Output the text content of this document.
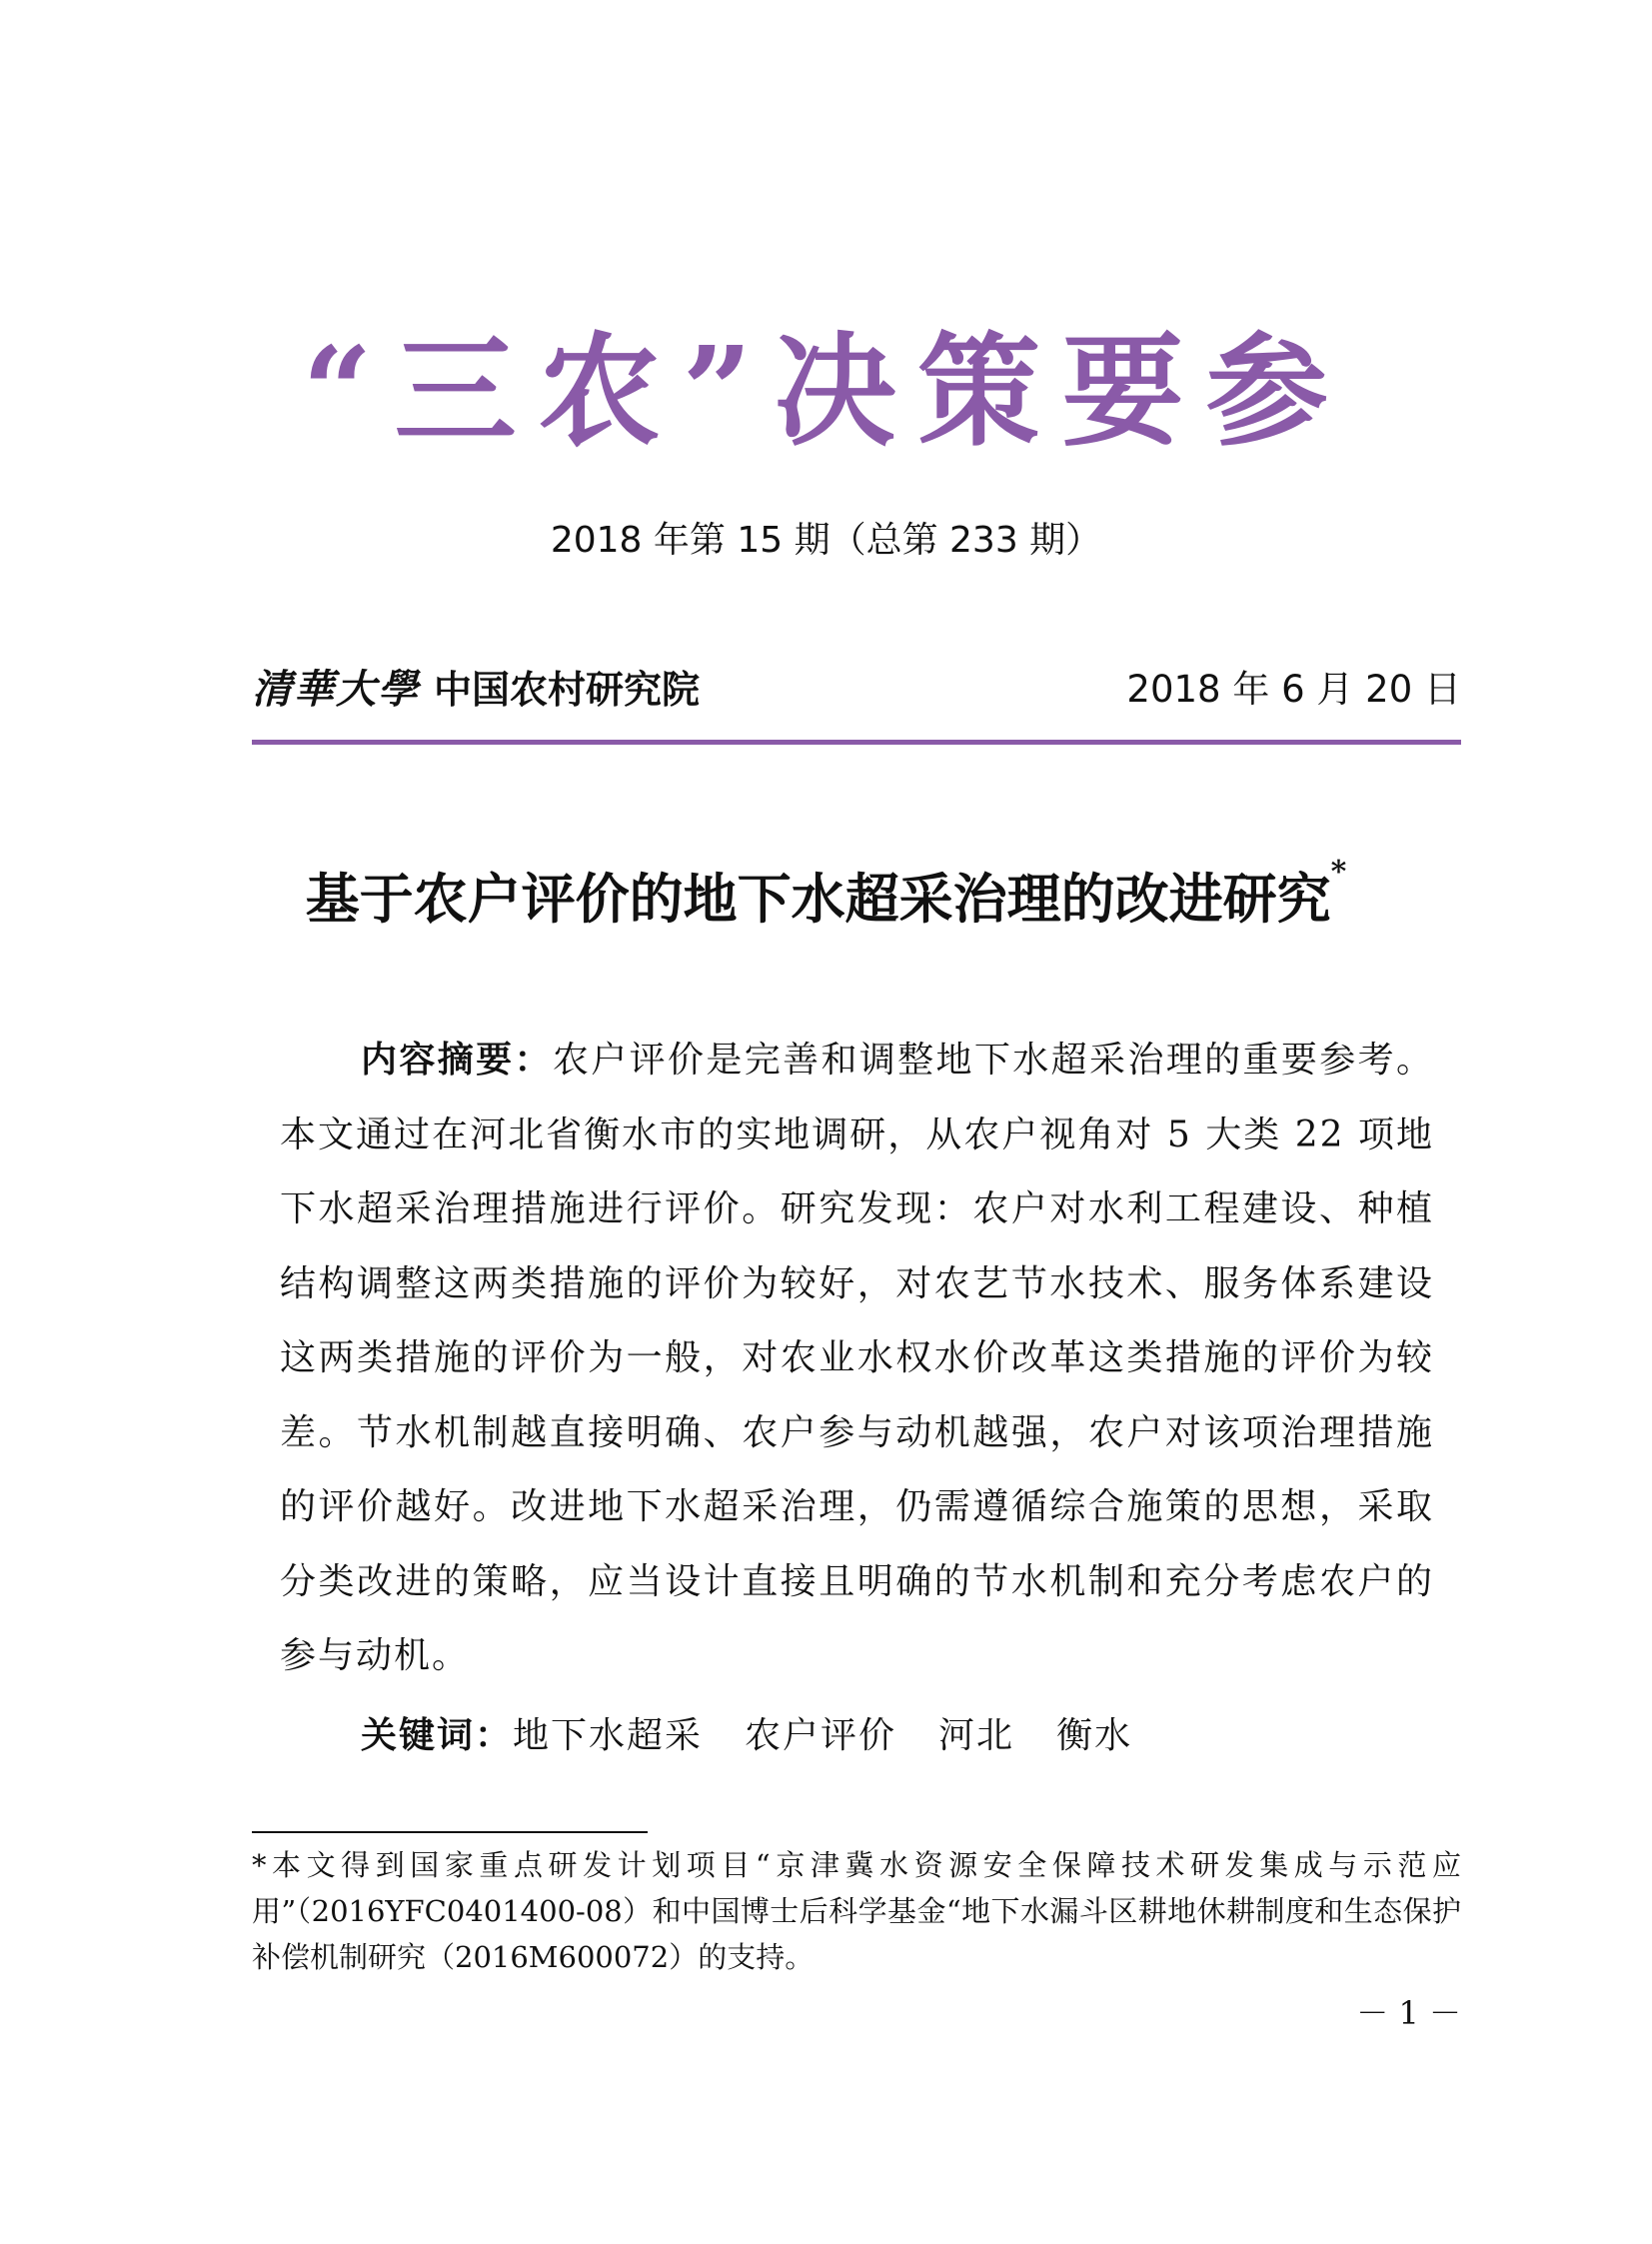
“三农”决策要参
2018 年第 15 期（总第 233 期）
清華大學 中国农村研究院	2018 年 6 月 20 日
基于农户评价的地下水超采治理的改进研究*

内容摘要：农户评价是完善和调整地下水超采治理的重要参考。本文通过在河北省衡水市的实地调研，从农户视角对 5 大类 22 项地下水超采治理措施进行评价。研究发现：农户对水利工程建设、种植结构调整这两类措施的评价为较好，对农艺节水技术、服务体系建设这两类措施的评价为一般，对农业水权水价改革这类措施的评价为较差。节水机制越直接明确、农户参与动机越强，农户对该项治理措施的评价越好。改进地下水超采治理，仍需遵循综合施策的思想，采取分类改进的策略，应当设计直接且明确的节水机制和充分考虑农户的参与动机。

关键词：地下水超采 农户评价 河北 衡水

*本文得到国家重点研发计划项目“京津冀水资源安全保障技术研发集成与示范应用”（2016YFC0401400-08）和中国博士后科学基金“地下水漏斗区耕地休耕制度和生态保护补偿机制研究（2016M600072）的支持。

－ 1 －
